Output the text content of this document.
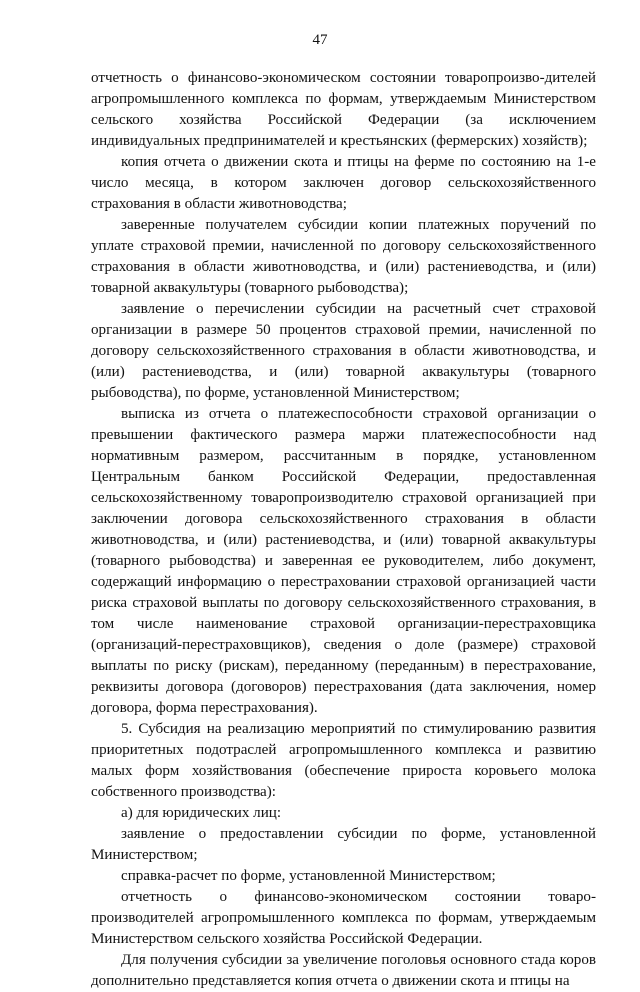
47

отчетность о финансово-экономическом состоянии товаропроизво-дителей агропромышленного комплекса по формам, утверждаемым Министерством сельского хозяйства Российской Федерации (за исключением индивидуальных предпринимателей и крестьянских (фермерских) хозяйств);

копия отчета о движении скота и птицы на ферме по состоянию на 1-е число месяца, в котором заключен договор сельскохозяйственного страхования в области животноводства;

заверенные получателем субсидии копии платежных поручений по уплате страховой премии, начисленной по договору сельскохозяйственного страхования в области животноводства, и (или) растениеводства, и (или) товарной аквакультуры (товарного рыбоводства);

заявление о перечислении субсидии на расчетный счет страховой организации в размере 50 процентов страховой премии, начисленной по договору сельскохозяйственного страхования в области животноводства, и (или) растениеводства, и (или) товарной аквакультуры (товарного рыбоводства), по форме, установленной Министерством;

выписка из отчета о платежеспособности страховой организации о превышении фактического размера маржи платежеспособности над нормативным размером, рассчитанным в порядке, установленном Центральным банком Российской Федерации, предоставленная сельскохозяйственному товаропроизводителю страховой организацией при заключении договора сельскохозяйственного страхования в области животноводства, и (или) растениеводства, и (или) товарной аквакультуры (товарного рыбоводства) и заверенная ее руководителем, либо документ, содержащий информацию о перестраховании страховой организацией части риска страховой выплаты по договору сельскохозяйственного страхования, в том числе наименование страховой организации-перестраховщика (организаций-перестраховщиков), сведения о доле (размере) страховой выплаты по риску (рискам), переданному (переданным) в перестрахование, реквизиты договора (договоров) перестрахования (дата заключения, номер договора, форма перестрахования).

5. Субсидия на реализацию мероприятий по стимулированию развития приоритетных подотраслей агропромышленного комплекса и развитию малых форм хозяйствования (обеспечение прироста коровьего молока собственного производства):

а) для юридических лиц:

заявление о предоставлении субсидии по форме, установленной Министерством;

справка-расчет по форме, установленной Министерством;

отчетность о финансово-экономическом состоянии товаро-производителей агропромышленного комплекса по формам, утверждаемым Министерством сельского хозяйства Российской Федерации.

Для получения субсидии за увеличение поголовья основного стада коров дополнительно представляется копия отчета о движении скота и птицы на
